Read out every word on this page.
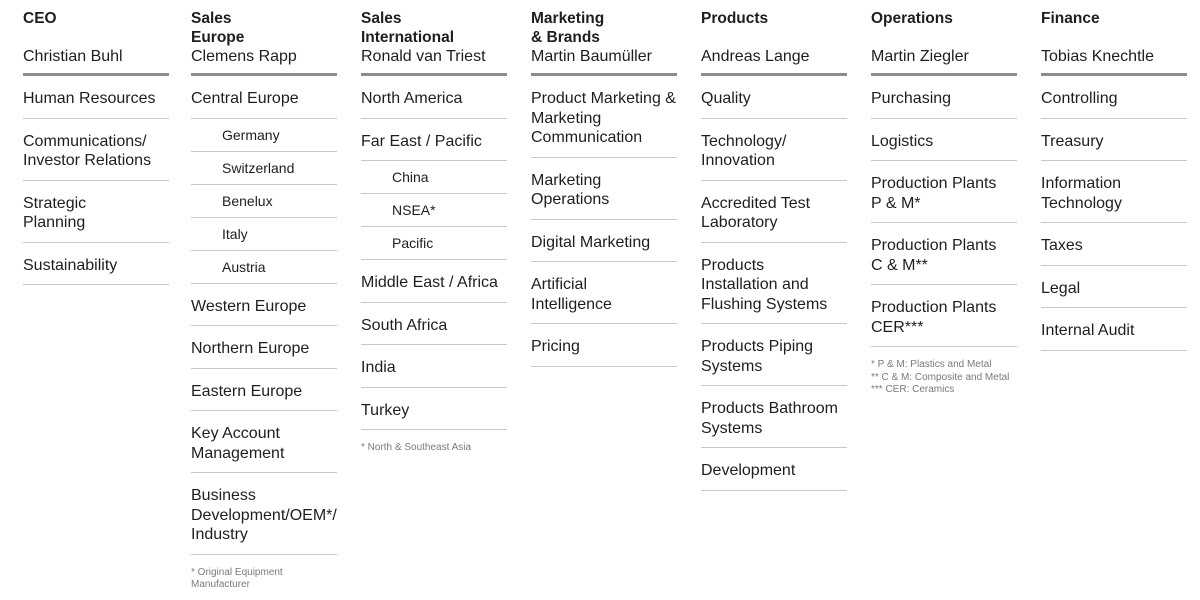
CEO
Christian Buhl
Human Resources
Communications/
Investor Relations
Strategic
Planning
Sustainability
Sales
Europe
Clemens Rapp
Central Europe
Germany
Switzerland
Benelux
Italy
Austria
Western Europe
Northern Europe
Eastern Europe
Key Account
Management
Business
Development/OEM*/
Industry
* Original Equipment
Manufacturer
Sales
International
Ronald van Triest
North America
Far East / Pacific
China
NSEA*
Pacific
Middle East / Africa
South Africa
India
Turkey
* North & Southeast Asia
Marketing
& Brands
Martin Baumüller
Product Marketing &
Marketing
Communication
Marketing
Operations
Digital Marketing
Artificial
Intelligence
Pricing
Products
Andreas Lange
Quality
Technology/
Innovation
Accredited Test
Laboratory
Products
Installation and
Flushing Systems
Products Piping
Systems
Products Bathroom
Systems
Development
Operations
Martin Ziegler
Purchasing
Logistics
Production Plants
P & M*
Production Plants
C & M**
Production Plants
CER***
* P & M: Plastics and Metal
** C & M: Composite and Metal
*** CER: Ceramics
Finance
Tobias Knechtle
Controlling
Treasury
Information
Technology
Taxes
Legal
Internal Audit
